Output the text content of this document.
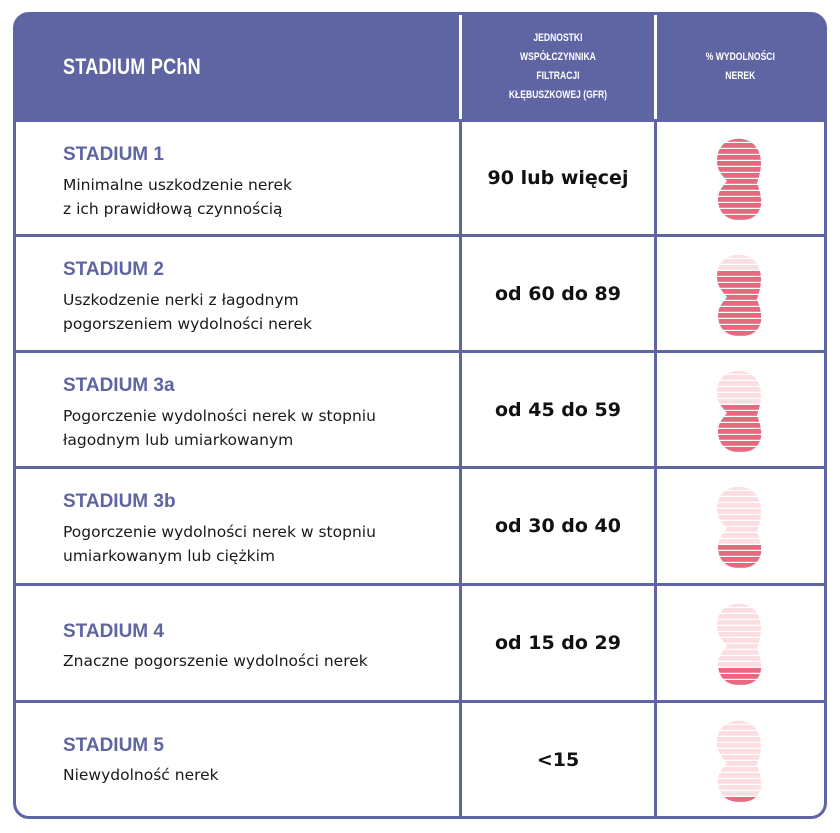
STADIUM PChN
JEDNOSTKI
WSPÓŁCZYNNIKA
FILTRACJI
KŁĘBUSZKOWEJ (GFR)
% WYDOLNOŚCI
NEREK
STADIUM 1
Minimalne uszkodzenie nerek
z ich prawidłową czynnością
90 lub więcej
STADIUM 2
Uszkodzenie nerki z łagodnym
pogorszeniem wydolności nerek
od 60 do 89
STADIUM 3a
Pogorczenie wydolności nerek w stopniu
łagodnym lub umiarkowanym
od 45 do 59
STADIUM 3b
Pogorczenie wydolności nerek w stopniu
umiarkowanym lub ciężkim
od 30 do 40
STADIUM 4
Znaczne pogorszenie wydolności nerek
od 15 do 29
STADIUM 5
Niewydolność nerek
<15
